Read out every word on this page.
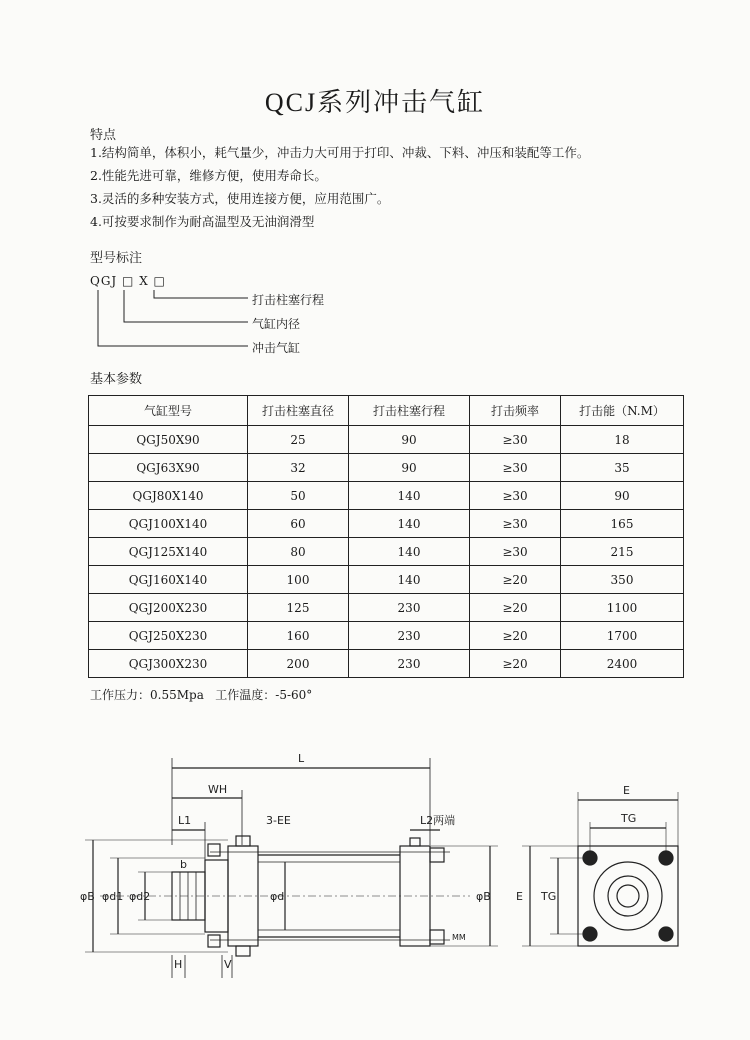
QCJ系列冲击气缸
特点
1.结构简单，体积小，耗气量少，冲击力大可用于打印、冲裁、下料、冲压和装配等工作。
2.性能先进可靠，维修方便，使用寿命长。
3.灵活的多种安装方式，使用连接方便，应用范围广。
4.可按要求制作为耐高温型及无油润滑型
型号标注
QGJ □ X □
打击柱塞行程
气缸内径
冲击气缸
基本参数
气缸型号	打击柱塞直径	打击柱塞行程	打击频率	打击能（N.M）
QGJ50X90	25	90	≥30	18
QGJ63X90	32	90	≥30	35
QGJ80X140	50	140	≥30	90
QGJ100X140	60	140	≥30	165
QGJ125X140	80	140	≥30	215
QGJ160X140	100	140	≥20	350
QGJ200X230	125	230	≥20	1100
QGJ250X230	160	230	≥20	1700
QGJ300X230	200	230	≥20	2400
工作压力：0.55Mpa   工作温度：-5-60°
L
WH
L1	3-EE	L2两端
φB φd1 φd2
b
φd
H	V
φB
MM
E
TG
E TG
